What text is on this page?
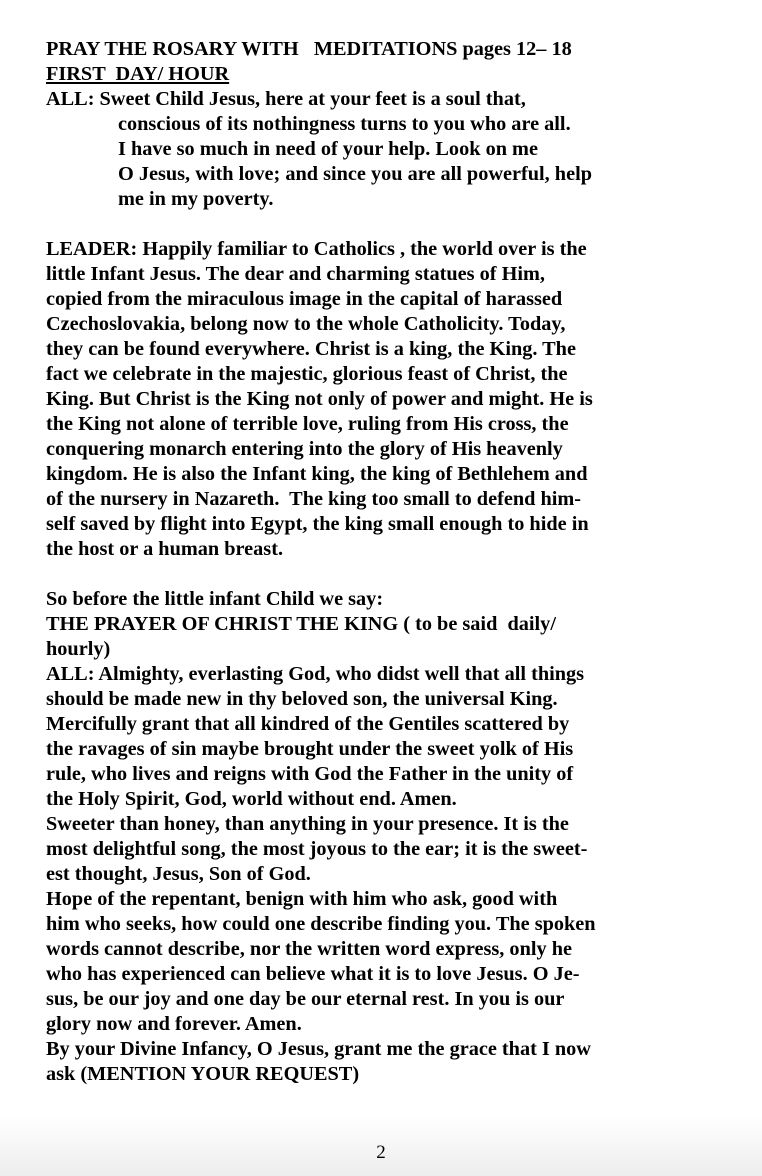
PRAY THE ROSARY WITH   MEDITATIONS pages 12– 18
FIRST  DAY/ HOUR
ALL: Sweet Child Jesus, here at your feet is a soul that,
conscious of its nothingness turns to you who are all.
I have so much in need of your help. Look on me
O Jesus, with love; and since you are all powerful, help
me in my poverty.
LEADER: Happily familiar to Catholics , the world over is the
little Infant Jesus. The dear and charming statues of Him,
copied from the miraculous image in the capital of harassed
Czechoslovakia, belong now to the whole Catholicity. Today,
they can be found everywhere. Christ is a king, the King. The
fact we celebrate in the majestic, glorious feast of Christ, the
King. But Christ is the King not only of power and might. He is
the King not alone of terrible love, ruling from His cross, the
conquering monarch entering into the glory of His heavenly
kingdom. He is also the Infant king, the king of Bethlehem and
of the nursery in Nazareth.  The king too small to defend him-
self saved by flight into Egypt, the king small enough to hide in
the host or a human breast.
So before the little infant Child we say:
THE PRAYER OF CHRIST THE KING ( to be said  daily/
hourly)
ALL: Almighty, everlasting God, who didst well that all things
should be made new in thy beloved son, the universal King.
Mercifully grant that all kindred of the Gentiles scattered by
the ravages of sin maybe brought under the sweet yolk of His
rule, who lives and reigns with God the Father in the unity of
the Holy Spirit, God, world without end. Amen.
Sweeter than honey, than anything in your presence. It is the
most delightful song, the most joyous to the ear; it is the sweet-
est thought, Jesus, Son of God.
Hope of the repentant, benign with him who ask, good with
him who seeks, how could one describe finding you. The spoken
words cannot describe, nor the written word express, only he
who has experienced can believe what it is to love Jesus. O Je-
sus, be our joy and one day be our eternal rest. In you is our
glory now and forever. Amen.
By your Divine Infancy, O Jesus, grant me the grace that I now
ask (MENTION YOUR REQUEST)
2
